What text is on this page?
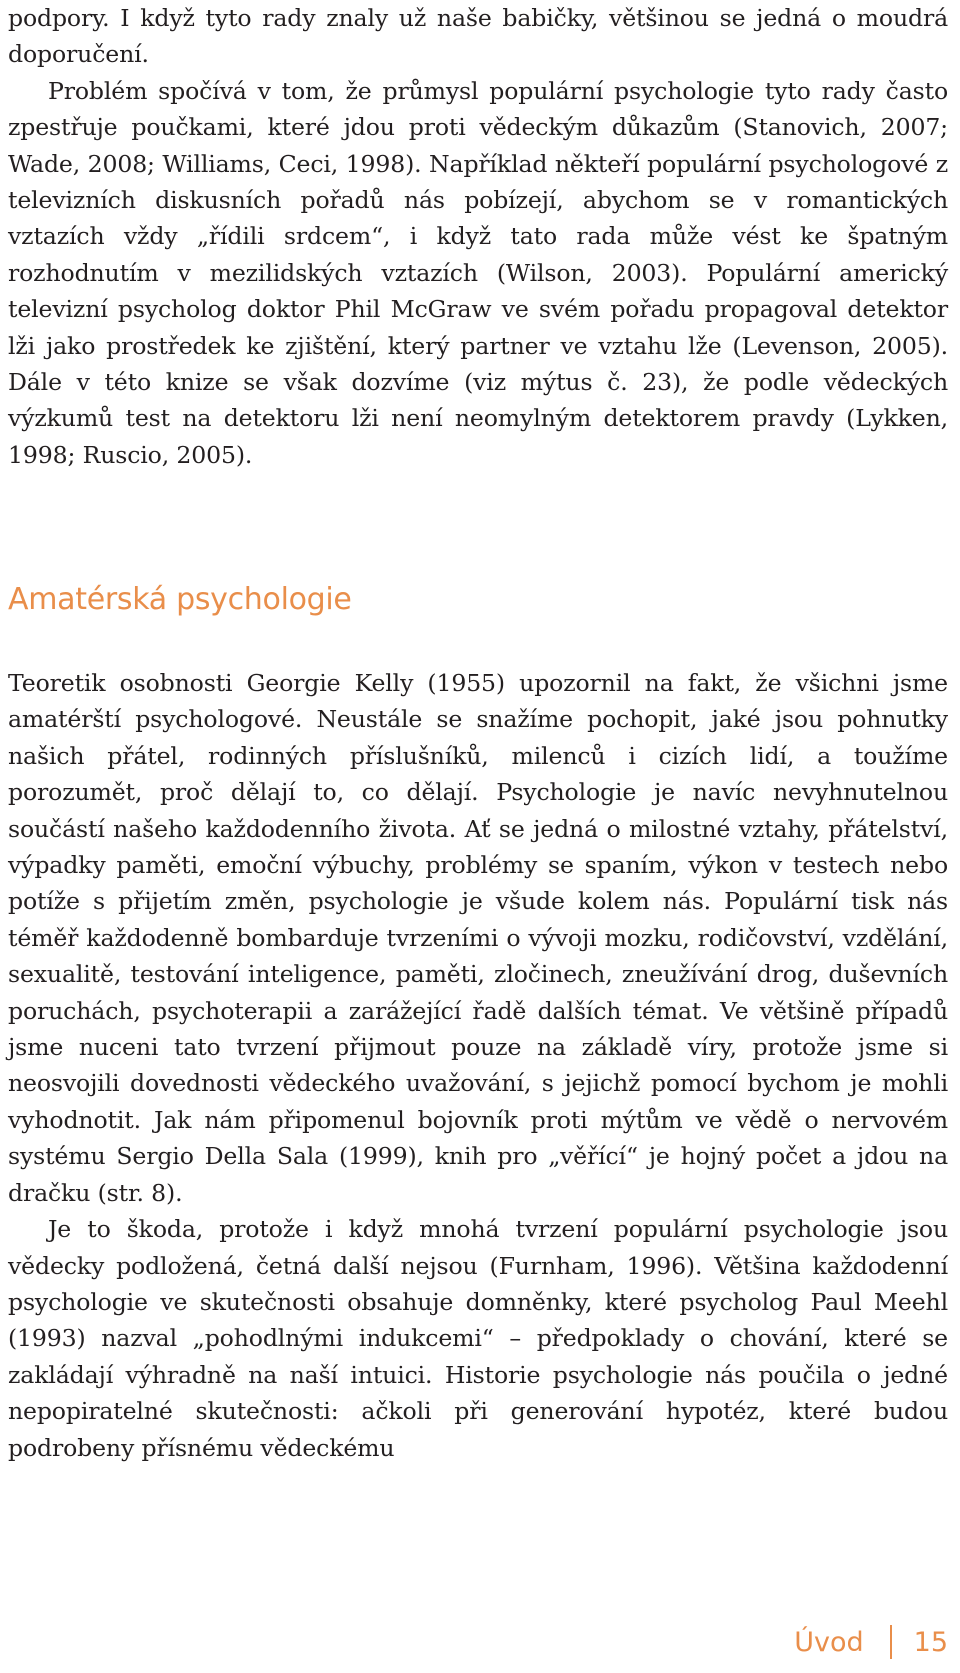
podpory. I když tyto rady znaly už naše babičky, většinou se jedná o moudrá doporučení.

Problém spočívá v tom, že průmysl populární psychologie tyto rady často zpestřuje poučkami, které jdou proti vědeckým důkazům (Stanovich, 2007; Wade, 2008; Williams, Ceci, 1998). Například někteří populární psychologové z televizních diskusních pořadů nás pobízejí, abychom se v romantických vztazích vždy „řídili srdcem“, i když tato rada může vést ke špatným rozhodnutím v mezilidských vztazích (Wilson, 2003). Populární americký televizní psycholog doktor Phil McGraw ve svém pořadu propagoval detektor lži jako prostředek ke zjištění, který partner ve vztahu lže (Levenson, 2005). Dále v této knize se však dozvíme (viz mýtus č. 23), že podle vědeckých výzkumů test na detektoru lži není neomylným detektorem pravdy (Lykken, 1998; Ruscio, 2005).

Amatérská psychologie

Teoretik osobnosti Georgie Kelly (1955) upozornil na fakt, že všichni jsme amatérští psychologové. Neustále se snažíme pochopit, jaké jsou pohnutky našich přátel, rodinných příslušníků, milenců i cizích lidí, a toužíme porozumět, proč dělají to, co dělají. Psychologie je navíc nevyhnutelnou součástí našeho každodenního života. Ať se jedná o milostné vztahy, přátelství, výpadky paměti, emoční výbuchy, problémy se spaním, výkon v testech nebo potíže s přijetím změn, psychologie je všude kolem nás. Populární tisk nás téměř každodenně bombarduje tvrzeními o vývoji mozku, rodičovství, vzdělání, sexualitě, testování inteligence, paměti, zločinech, zneužívání drog, duševních poruchách, psychoterapii a zarážející řadě dalších témat. Ve většině případů jsme nuceni tato tvrzení přijmout pouze na základě víry, protože jsme si neosvojili dovednosti vědeckého uvažování, s jejichž pomocí bychom je mohli vyhodnotit. Jak nám připomenul bojovník proti mýtům ve vědě o nervovém systému Sergio Della Sala (1999), knih pro „věřící“ je hojný počet a jdou na dračku (str. 8).

Je to škoda, protože i když mnohá tvrzení populární psychologie jsou vědecky podložená, četná další nejsou (Furnham, 1996). Většina každodenní psychologie ve skutečnosti obsahuje domněnky, které psycholog Paul Meehl (1993) nazval „pohodlnými indukcemi“ – předpoklady o chování, které se zakládají výhradně na naší intuici. Historie psychologie nás poučila o jedné nepopiratelné skutečnosti: ačkoli při generování hypotéz, které budou podrobeny přísnému vědeckému

Úvod 15
